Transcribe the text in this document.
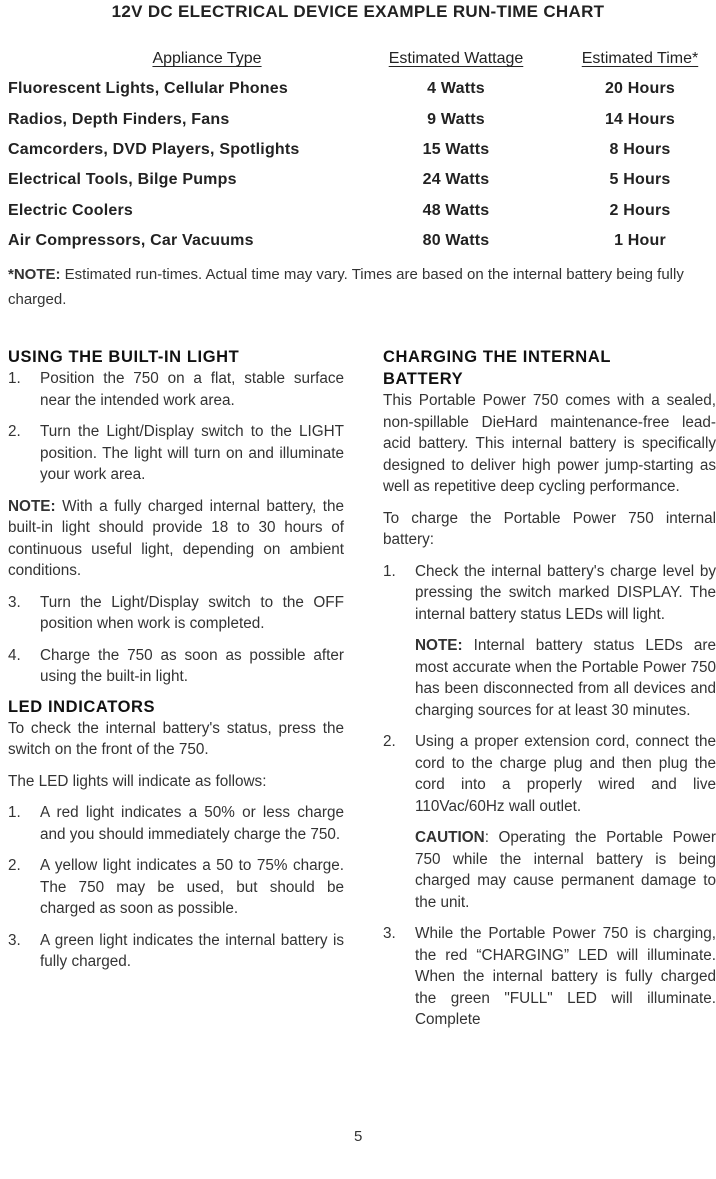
12V DC ELECTRICAL DEVICE EXAMPLE RUN-TIME CHART
Appliance Type	Estimated Wattage	Estimated Time*
Fluorescent Lights, Cellular Phones	4 Watts	20 Hours
Radios, Depth Finders, Fans	9 Watts	14 Hours
Camcorders, DVD Players, Spotlights	15 Watts	8 Hours
Electrical Tools, Bilge Pumps	24 Watts	5 Hours
Electric Coolers	48 Watts	2 Hours
Air Compressors, Car Vacuums	80 Watts	1 Hour
*NOTE: Estimated run-times. Actual time may vary. Times are based on the internal battery being fully charged.
USING THE BUILT-IN LIGHT
1.	Position the 750 on a flat, stable surface near the intended work area.
2.	Turn the Light/Display switch to the LIGHT position. The light will turn on and illuminate your work area.

NOTE: With a fully charged internal battery, the built-in light should provide 18 to 30 hours of continuous useful light, depending on ambient conditions.

3.	Turn the Light/Display switch to the OFF position when work is completed.
4.	Charge the 750 as soon as possible after using the built-in light.
LED INDICATORS

To check the internal battery's status, press the switch on the front of the 750.

The LED lights will indicate as follows:

1.	A red light indicates a 50% or less charge and you should immediately charge the 750.
2.	A yellow light indicates a 50 to 75% charge. The 750 may be used, but should be charged as soon as possible.
3.	A green light indicates the internal battery is fully charged.
CHARGING THE INTERNAL BATTERY

This Portable Power 750 comes with a sealed, non-spillable DieHard maintenance-free lead-acid battery. This internal battery is specifically designed to deliver high power jump-starting as well as repetitive deep cycling performance.

To charge the Portable Power 750 internal battery:

1.	Check the internal battery's charge level by pressing the switch marked DISPLAY. The internal battery status LEDs will light.
NOTE: Internal battery status LEDs are most accurate when the Portable Power 750 has been disconnected from all devices and charging sources for at least 30 minutes.
2.	Using a proper extension cord, connect the cord to the charge plug and then plug the cord into a properly wired and live 110Vac/60Hz wall outlet.
CAUTION: Operating the Portable Power 750 while the internal battery is being charged may cause permanent damage to the unit.
3.	While the Portable Power 750 is charging, the red “CHARGING” LED will illuminate. When the internal battery is fully charged the green "FULL" LED will illuminate. Complete
5
